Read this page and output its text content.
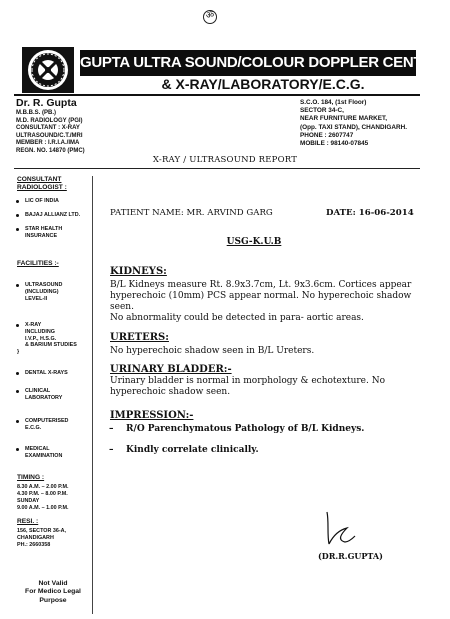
ॐ
GUPTA ULTRA SOUND/COLOUR DOPPLER CENTRE
& X-RAY/LABORATORY/E.C.G.
Dr. R. Gupta
M.B.B.S. (PB.)
M.D. RADIOLOGY (PGI)
CONSULTANT : X-RAY
ULTRASOUND/C.T./MRI
MEMBER : I.R.I.A./IMA
REGN. NO. 14870 (PMC)
S.C.O. 184, (1st Floor)
SECTOR 34-C,
NEAR FURNITURE MARKET,
(Opp. TAXI STAND), CHANDIGARH.
PHONE : 2607747
MOBILE : 98140-07845
X-RAY / ULTRASOUND REPORT
CONSULTANT
RADIOLOGIST :
LIC OF INDIA
BAJAJ ALLIANZ LTD.
STAR HEALTH
INSURANCE
FACILITIES :-
ULTRASOUND
(INCLUDING)
LEVEL-II
X-RAY
INCLUDING
I.V.P., H.S.G.
& BARIUM STUDIES
}
DENTAL X-RAYS
CLINICAL
LABORATORY
COMPUTERISED
E.C.G.
MEDICAL
EXAMINATION
TIMING :
8.30 A.M. – 2.00 P.M.
4.30 P.M. – 8.00 P.M.
SUNDAY
9.00 A.M. – 1.00 P.M.
RESI. :
156, SECTOR 36-A,
CHANDIGARH
PH.: 2660358
Not Valid
For Medico Legal
Purpose
PATIENT NAME: MR. ARVIND GARG	DATE: 16-06-2014
USG-K.U.B
KIDNEYS:
B/L Kidneys measure Rt. 8.9x3.7cm, Lt. 9x3.6cm. Cortices appear hyperechoic (10mm) PCS appear normal. No hyperechoic shadow seen.
No abnormality could be detected in para- aortic areas.
URETERS:
No hyperechoic shadow seen in B/L Ureters.
URINARY BLADDER:-
Urinary bladder is normal in morphology & echotexture. No hyperechoic shadow seen.
IMPRESSION:-
–    R/O Parenchymatous Pathology of B/L Kidneys.
–    Kindly correlate clinically.
(DR.R.GUPTA)
